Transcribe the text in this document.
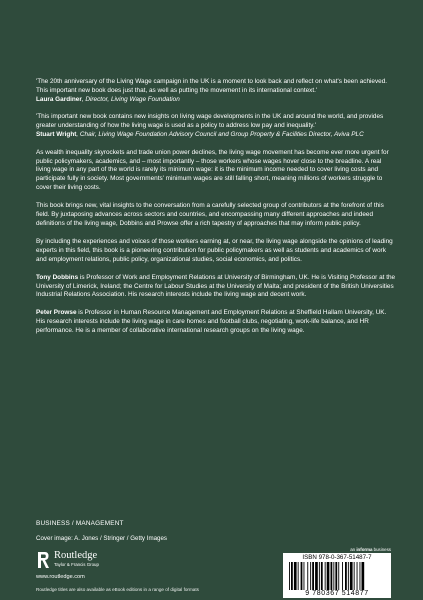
'The 20th anniversary of the Living Wage campaign in the UK is a moment to look back and reflect on what's been achieved. This important new book does just that, as well as putting the movement in its international context.'
Laura Gardiner, Director, Living Wage Foundation

'This important new book contains new insights on living wage developments in the UK and around the world, and provides greater understanding of how the living wage is used as a policy to address low pay and inequality.'
Stuart Wright, Chair, Living Wage Foundation Advisory Council and Group Property & Facilities Director, Aviva PLC

As wealth inequality skyrockets and trade union power declines, the living wage movement has become ever more urgent for public policymakers, academics, and – most importantly – those workers whose wages hover close to the breadline. A real living wage in any part of the world is rarely its minimum wage: it is the minimum income needed to cover living costs and participate fully in society. Most governments' minimum wages are still falling short, meaning millions of workers struggle to cover their living costs.

This book brings new, vital insights to the conversation from a carefully selected group of contributors at the forefront of this field. By juxtaposing advances across sectors and countries, and encompassing many different approaches and indeed definitions of the living wage, Dobbins and Prowse offer a rich tapestry of approaches that may inform public policy.

By including the experiences and voices of those workers earning at, or near, the living wage alongside the opinions of leading experts in this field, this book is a pioneering contribution for public policymakers as well as students and academics of work and employment relations, public policy, organizational studies, social economics, and politics.

Tony Dobbins is Professor of Work and Employment Relations at University of Birmingham, UK. He is Visiting Professor at the University of Limerick, Ireland; the Centre for Labour Studies at the University of Malta; and president of the British Universities Industrial Relations Association. His research interests include the living wage and decent work.

Peter Prowse is Professor in Human Resource Management and Employment Relations at Sheffield Hallam University, UK. His research interests include the living wage in care homes and football clubs, negotiating, work-life balance, and HR performance. He is a member of collaborative international research groups on the living wage.

BUSINESS / MANAGEMENT
Cover image: A. Jones / Stringer / Getty Images
Routledge
Taylor & Francis Group
www.routledge.com
Routledge titles are also available as eBook editions in a range of digital formats
an informa business
ISBN 978-0-367-51487-7
9 780367 514877
